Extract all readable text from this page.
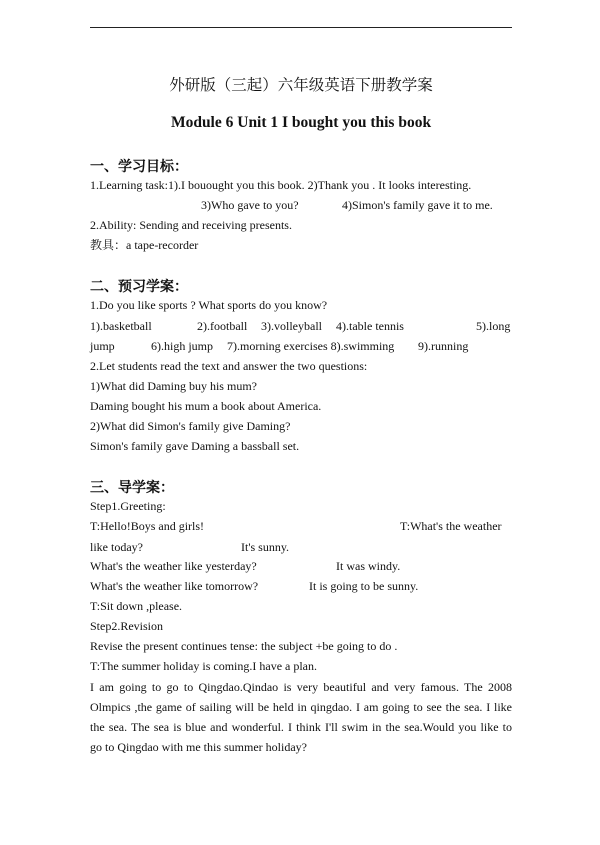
外研版（三起）六年级英语下册教学案
Module 6 Unit 1 I bought you this book
一、学习目标：
1.Learning task:1).I bouought you this book. 2)Thank you . It looks interesting.
3)Who gave to you?	4)Simon's family gave it to me.
2.Ability: Sending and receiving presents.
教具：a tape-recorder
二、预习学案：
1.Do you like sports ? What sports do you know?
1).basketball	2).football 3).volleyball 4).table tennis	5).long
jump	6).high jump 7).morning exercises 8).swimming 9).running
2.Let students read the text and answer the two questions:
1)What did Daming buy his mum?
Daming bought his mum a book about America.
2)What did Simon's family give Daming?
Simon's family gave Daming a bassball set.
三、导学案：
Step1.Greeting:
T:Hello!Boys and girls!	T:What's the weather
like today?	It's sunny.
What's the weather like yesterday?	It was windy.
What's the weather like tomorrow?	It is going to be sunny.
T:Sit down ,please.
Step2.Revision
Revise the present continues tense: the subject +be going to do .
T:The summer holiday is coming.I have a plan.
I am going to go to Qingdao.Qindao is very beautiful and very famous. The 2008
Olmpics ,the game of sailing will be held in qingdao. I am going to see the sea. I like
the sea. The sea is blue and wonderful. I think I'll swim in the sea.Would you like to
go to Qingdao with me this summer holiday?
